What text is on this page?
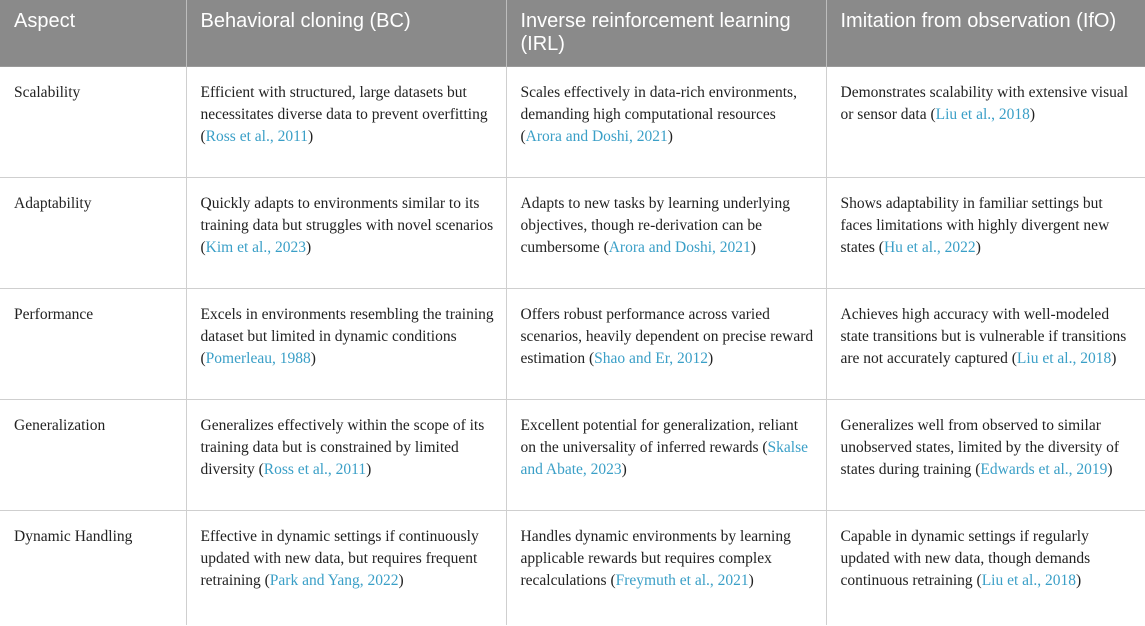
Aspect	Behavioral cloning (BC)	Inverse reinforcement learning (IRL)	Imitation from observation (IfO)
Scalability	Efficient with structured, large datasets but necessitates diverse data to prevent overfitting (Ross et al., 2011)	Scales effectively in data-rich environments, demanding high computational resources (Arora and Doshi, 2021)	Demonstrates scalability with extensive visual or sensor data (Liu et al., 2018)
Adaptability	Quickly adapts to environments similar to its training data but struggles with novel scenarios (Kim et al., 2023)	Adapts to new tasks by learning underlying objectives, though re-derivation can be cumbersome (Arora and Doshi, 2021)	Shows adaptability in familiar settings but faces limitations with highly divergent new states (Hu et al., 2022)
Performance	Excels in environments resembling the training dataset but limited in dynamic conditions (Pomerleau, 1988)	Offers robust performance across varied scenarios, heavily dependent on precise reward estimation (Shao and Er, 2012)	Achieves high accuracy with well-modeled state transitions but is vulnerable if transitions are not accurately captured (Liu et al., 2018)
Generalization	Generalizes effectively within the scope of its training data but is constrained by limited diversity (Ross et al., 2011)	Excellent potential for generalization, reliant on the universality of inferred rewards (Skalse and Abate, 2023)	Generalizes well from observed to similar unobserved states, limited by the diversity of states during training (Edwards et al., 2019)
Dynamic Handling	Effective in dynamic settings if continuously updated with new data, but requires frequent retraining (Park and Yang, 2022)	Handles dynamic environments by learning applicable rewards but requires complex recalculations (Freymuth et al., 2021)	Capable in dynamic settings if regularly updated with new data, though demands continuous retraining (Liu et al., 2018)
